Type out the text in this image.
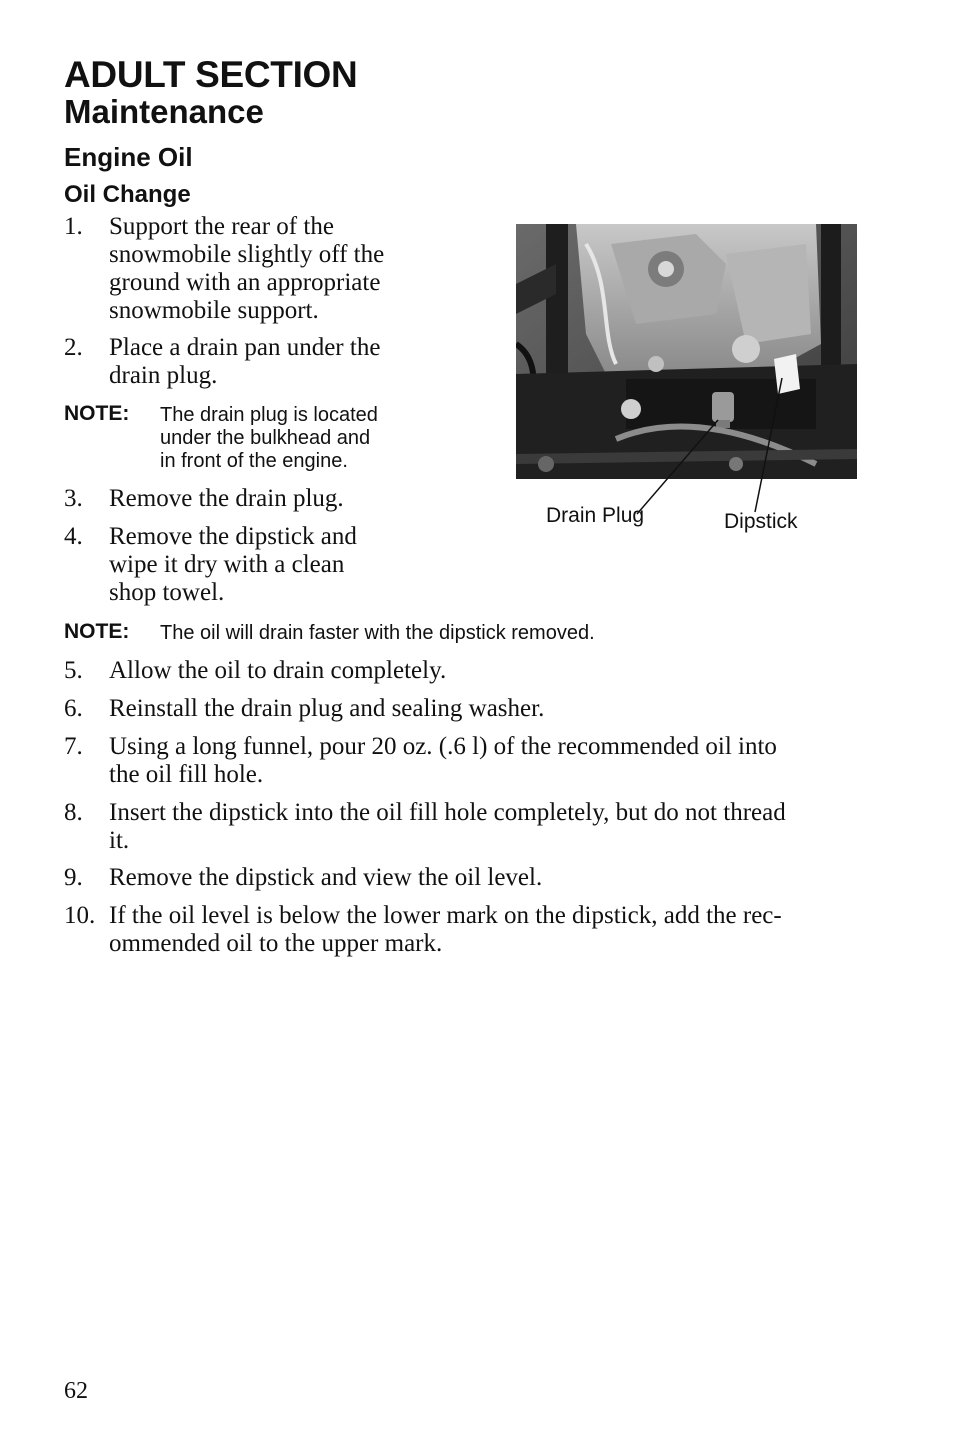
ADULT SECTION
Maintenance
Engine Oil
Oil Change
1. Support the rear of the
snowmobile slightly off the
ground with an appropriate
snowmobile support.
2. Place a drain pan under the
drain plug.
NOTE: The drain plug is located
under the bulkhead and
in front of the engine.
3. Remove the drain plug.
4. Remove the dipstick and
wipe it dry with a clean
shop towel.
NOTE: The oil will drain faster with the dipstick removed.
5. Allow the oil to drain completely.
6. Reinstall the drain plug and sealing washer.
7. Using a long funnel, pour 20 oz. (.6 l) of the recommended oil into
the oil fill hole.
8. Insert the dipstick into the oil fill hole completely, but do not thread
it.
9. Remove the dipstick and view the oil level.
10. If the oil level is below the lower mark on the dipstick, add the rec-
ommended oil to the upper mark.
Drain Plug	Dipstick
62
